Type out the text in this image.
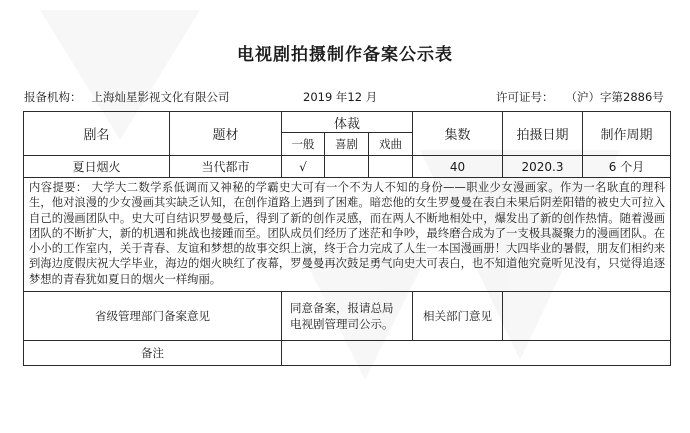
电视剧拍摄制作备案公示表
报备机构： 上海灿星影视文化有限公司	2019 年12 月	许可证号： （沪）字第2886号
剧名	题材	体裁			集数	拍摄日期	制作周期
		一般	喜剧	戏曲			
夏日烟火	当代都市	√			40	2020.3	6 个月

内容提要： 大学大二数学系低调而又神秘的学霸史大可有一个不为人不知的身份——职业少女漫画家。作为一名耿直的理科生，他对浪漫的少女漫画其实缺乏认知，在创作道路上遇到了困难。暗恋他的女生罗曼曼在表白未果后阴差阳错的被史大可拉入自己的漫画团队中。史大可自结识罗曼曼后，得到了新的创作灵感，而在两人不断地相处中，爆发出了新的创作热情。随着漫画团队的不断扩大，新的机遇和挑战也接踵而至。团队成员们经历了迷茫和争吵，最终磨合成为了一支极具凝聚力的漫画团队。在小小的工作室内，关于青春、友谊和梦想的故事交织上演，终于合力完成了人生一本国漫画册！大四毕业的暑假，朋友们相约来到海边度假庆祝大学毕业，海边的烟火映红了夜幕，罗曼曼再次鼓足勇气向史大可表白，也不知道他究竟听见没有，只觉得追逐梦想的青春犹如夏日的烟火一样绚丽。							

省级管理部门备案意见		同意备案，报请总局电视剧管理司公示。			相关部门意见		
备注							
